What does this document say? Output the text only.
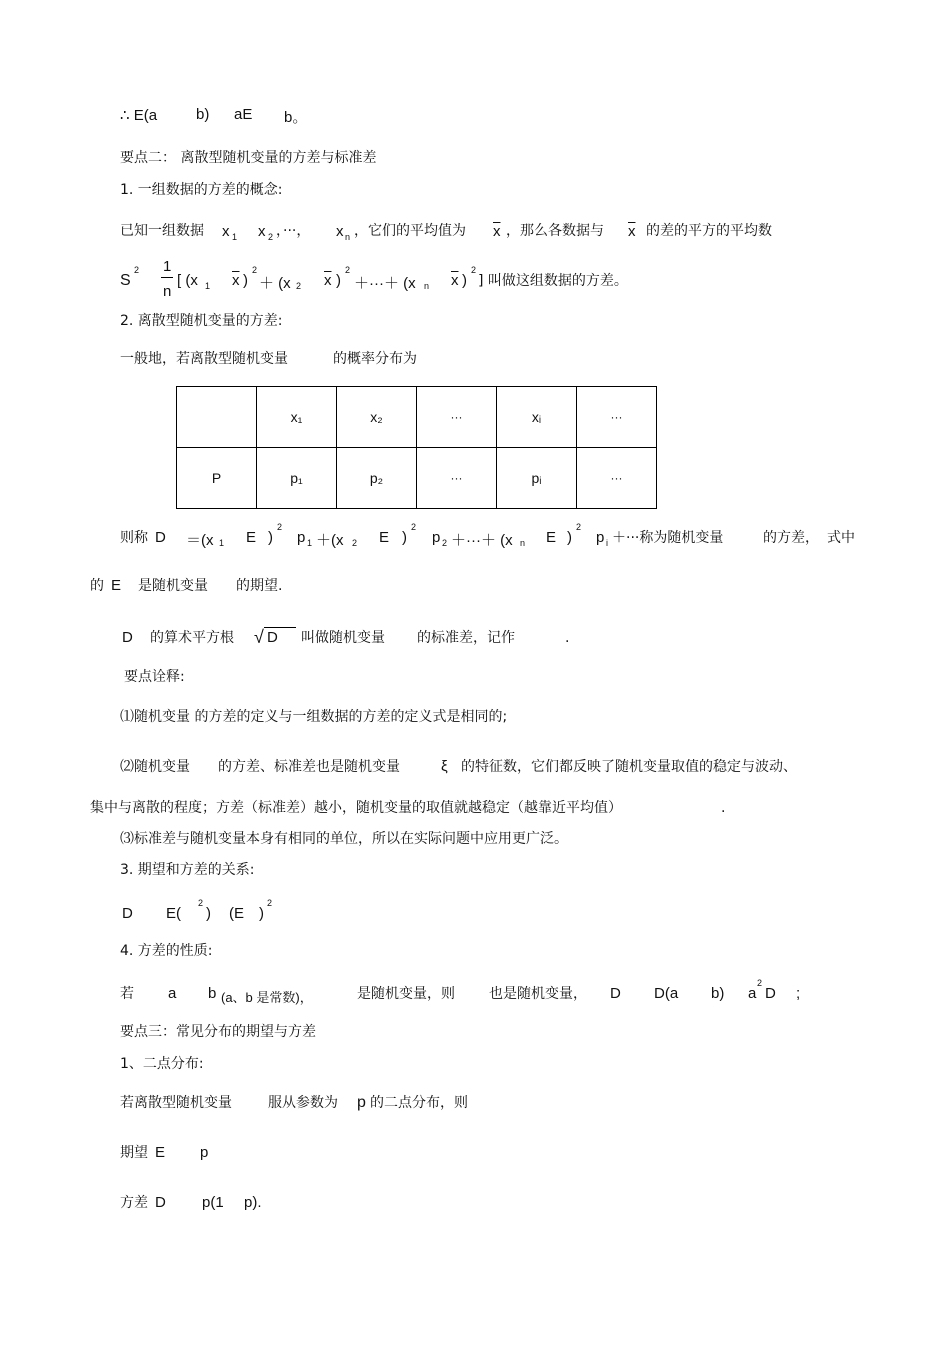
∴ E(a	b) aE b。
要点二： 离散型随机变量的方差与标准差
1. 一组数据的方差的概念:
已知一组数据 x 1 x 2 ，···， x n ，它们的平均值为 $\overline{x}$ ，那么各数据与 $\overline{x}$ 的差的平方的平均数
S
2 1
n
[ (x 1 $\overline{x}$ )
2
＋ (x 2 $\overline{x}$ )
2
＋···＋ (x n $\overline{x}$ )
2
] 叫做这组数据的方差。
2. 离散型随机变量的方差:
一般地，若离散型随机变量	的概率分布为
	x₁	x₂	···	xᵢ	···
P	p₁	p₂	···	pᵢ	···
则称 D ＝(x 1 E )
2
p 1 ＋(x 2 E )
2
p 2 ＋···＋ (x n E )
2
p i ＋···称为随机变量	的方差， 式中
的 E 是随机变量 的期望.
D 的算术平方根 √ D 叫做随机变量 的标准差，记作	.
要点诠释:
⑴随机变量 的方差的定义与一组数据的方差的定义式是相同的;
⑵随机变量 的方差、标准差也是随机变量	ξ 的特征数，它们都反映了随机变量取值的稳定与波动、
集中与离散的程度；方差（标准差）越小，随机变量的取值就越稳定（越靠近平均值）	.
⑶标准差与随机变量本身有相同的单位，所以在实际问题中应用更广泛。
3. 期望和方差的关系:
D E(
2
) (E )
2
4. 方差的性质:
若 a b (a、b 是常数)，	是随机变量，则 也是随机变量， D D(a b) a
2
D ;
要点三：常见分布的期望与方差
1、二点分布:
若离散型随机变量	服从参数为 p 的二点分布，则
期望 E p
方差 D p(1 p).
